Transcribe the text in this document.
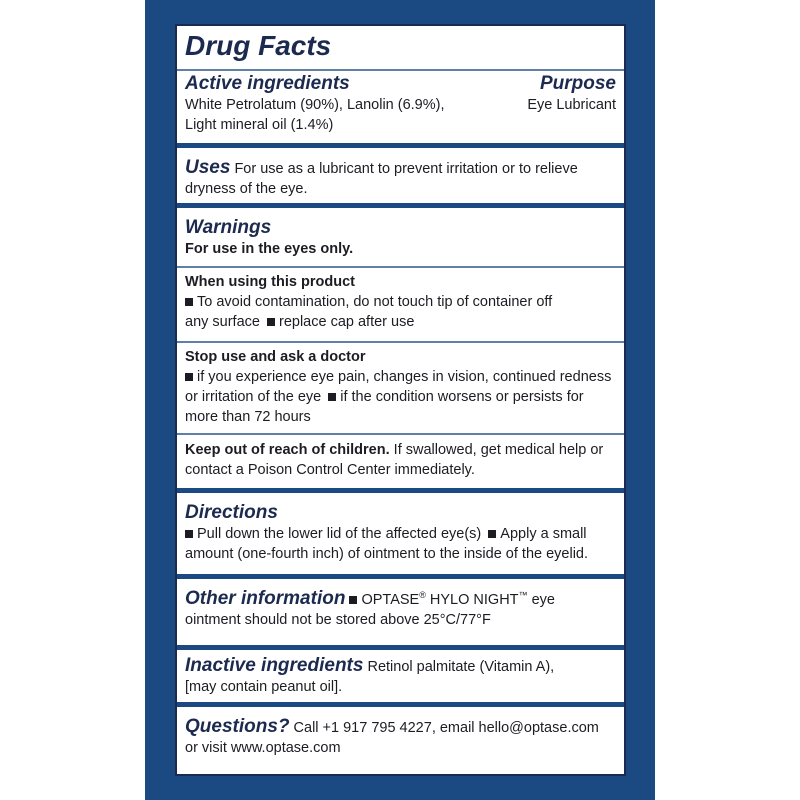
Drug Facts
Active ingredients	Purpose
White Petrolatum (90%), Lanolin (6.9%),
Light mineral oil (1.4%)
Eye Lubricant
Uses For use as a lubricant to prevent irritation or to relieve
dryness of the eye.
Warnings
For use in the eyes only.
When using this product
To avoid contamination, do not touch tip of container off
any surface replace cap after use
Stop use and ask a doctor
if you experience eye pain, changes in vision, continued redness
or irritation of the eye if the condition worsens or persists for
more than 72 hours
Keep out of reach of children. If swallowed, get medical help or
contact a Poison Control Center immediately.
Directions
Pull down the lower lid of the affected eye(s) Apply a small
amount (one-fourth inch) of ointment to the inside of the eyelid.
Other information OPTASE® HYLO NIGHT™ eye
ointment should not be stored above 25°C/77°F
Inactive ingredients Retinol palmitate (Vitamin A),
[may contain peanut oil].
Questions? Call +1 917 795 4227, email hello@optase.com
or visit www.optase.com
